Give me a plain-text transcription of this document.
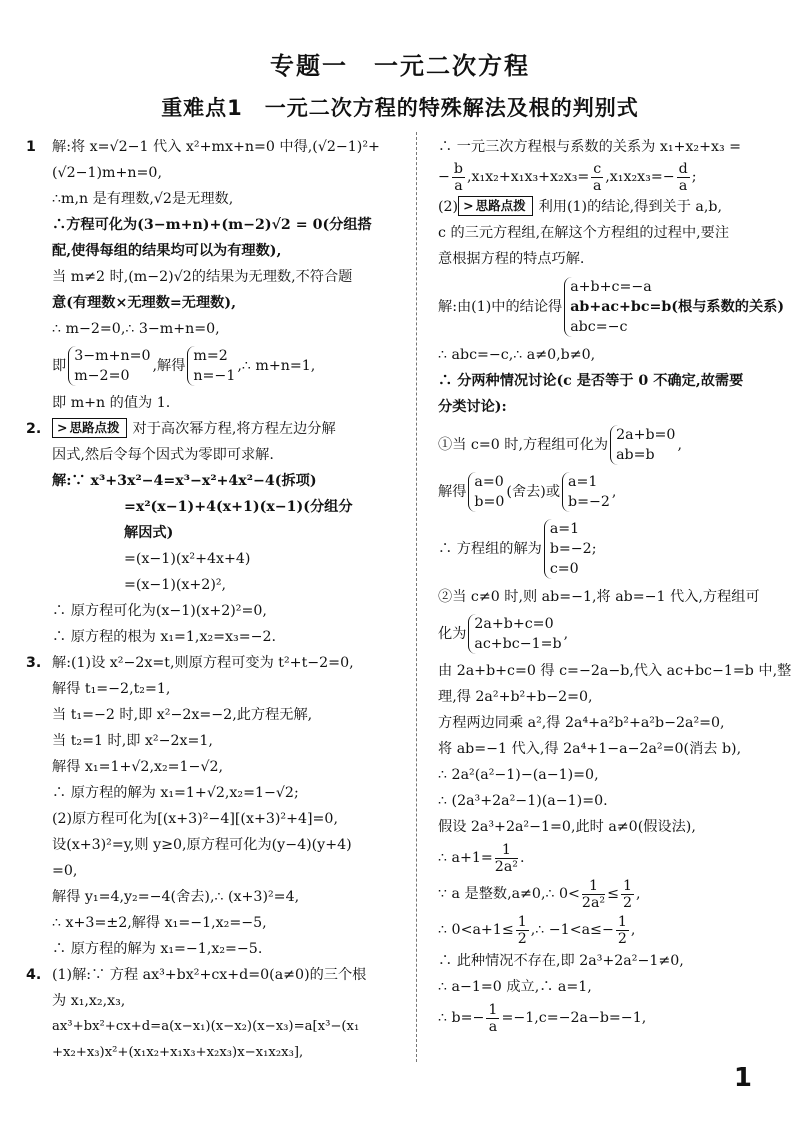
专题一　一元二次方程
重难点1　一元二次方程的特殊解法及根的判别式
1 解:将 x=√2−1 代入 x²+mx+n=0 中得,(√2−1)²+
(√2−1)m+n=0,
∴m,n 是有理数,√2是无理数,
∴方程可化为(3−m+n)+(m−2)√2 = 0(分组搭
配,使得每组的结果均可以为有理数),
当 m≠2 时,(m−2)√2的结果为无理数,不符合题
意(有理数×无理数=无理数),
∴ m−2=0,∴ 3−m+n=0,
即
3−m+n=0
m−2=0
,解得
m=2
n=−1
,∴ m+n=1,
即 m+n 的值为 1.
2. > 思路点拨 对于高次幂方程,将方程左边分解
因式,然后令每个因式为零即可求解.
解:∵ x³+3x²−4=x³−x²+4x²−4(拆项)
=x²(x−1)+4(x+1)(x−1)(分组分
解因式)
=(x−1)(x²+4x+4)
=(x−1)(x+2)²,
∴ 原方程可化为(x−1)(x+2)²=0,
∴ 原方程的根为 x₁=1,x₂=x₃=−2.
3. 解:(1)设 x²−2x=t,则原方程可变为 t²+t−2=0,
解得 t₁=−2,t₂=1,
当 t₁=−2 时,即 x²−2x=−2,此方程无解,
当 t₂=1 时,即 x²−2x=1,
解得 x₁=1+√2,x₂=1−√2,
∴ 原方程的解为 x₁=1+√2,x₂=1−√2;
(2)原方程可化为[(x+3)²−4][(x+3)²+4]=0,
设(x+3)²=y,则 y≥0,原方程可化为(y−4)(y+4)
=0,
解得 y₁=4,y₂=−4(舍去),∴ (x+3)²=4,
∴ x+3=±2,解得 x₁=−1,x₂=−5,
∴ 原方程的解为 x₁=−1,x₂=−5.
4. (1)解:∵ 方程 ax³+bx²+cx+d=0(a≠0)的三个根
为 x₁,x₂,x₃,
ax³+bx²+cx+d=a(x−x₁)(x−x₂)(x−x₃)=a[x³−(x₁
+x₂+x₃)x²+(x₁x₂+x₁x₃+x₂x₃)x−x₁x₂x₃],
∴ 一元三次方程根与系数的关系为 x₁+x₂+x₃ =
− $\frac{b}{a} ,x_1x_2+x_1x_3+x_2x_3= \frac{c}{a} ,x_1x_2x_3=- \frac{d}{a}$ ;
(2) > 思路点拨 利用(1)的结论,得到关于 a,b,
c 的三元方程组,在解这个方程组的过程中,要注
意根据方程的特点巧解.
解:由(1)中的结论得
a+b+c=−a
ab+ac+bc=b(根与系数的关系)
abc=−c
∴ abc=−c,∴ a≠0,b≠0,
∴ 分两种情况讨论(c 是否等于 0 不确定,故需要
分类讨论):
①当 c=0 时,方程组可化为
2a+b=0
ab=b
,
解得
a=0
b=0
(舍去)或
a=1
b=−2
,
∴ 方程组的解为
a=1
b=−2;
c=0
②当 c≠0 时,则 ab=−1,将 ab=−1 代入,方程组可
化为
2a+b+c=0
ac+bc−1=b
,
由 2a+b+c=0 得 c=−2a−b,代入 ac+bc−1=b 中,整
理,得 2a²+b²+b−2=0,
方程两边同乘 a²,得 2a⁴+a²b²+a²b−2a²=0,
将 ab=−1 代入,得 2a⁴+1−a−2a²=0(消去 b),
∴ 2a²(a²−1)−(a−1)=0,
∴ (2a³+2a²−1)(a−1)=0.
假设 2a³+2a²−1=0,此时 a≠0(假设法),
∴ $a+1= \frac{1}{\text{2a²}}$ .
∵ a 是整数,a≠0,∴ $0< \frac{1}{\text{2a²}} \le \frac{1}{2}$ ,
∴ $0<a+1\le \frac{1}{2}$ ,∴ $-1<a\le- \frac{1}{2}$ ,
∴ 此种情况不存在,即 2a³+2a²−1≠0,
∴ a−1=0 成立,∴ a=1,
∴ $b=- \frac{1}{a} =-1,c=-2a-b=-1$,
1
